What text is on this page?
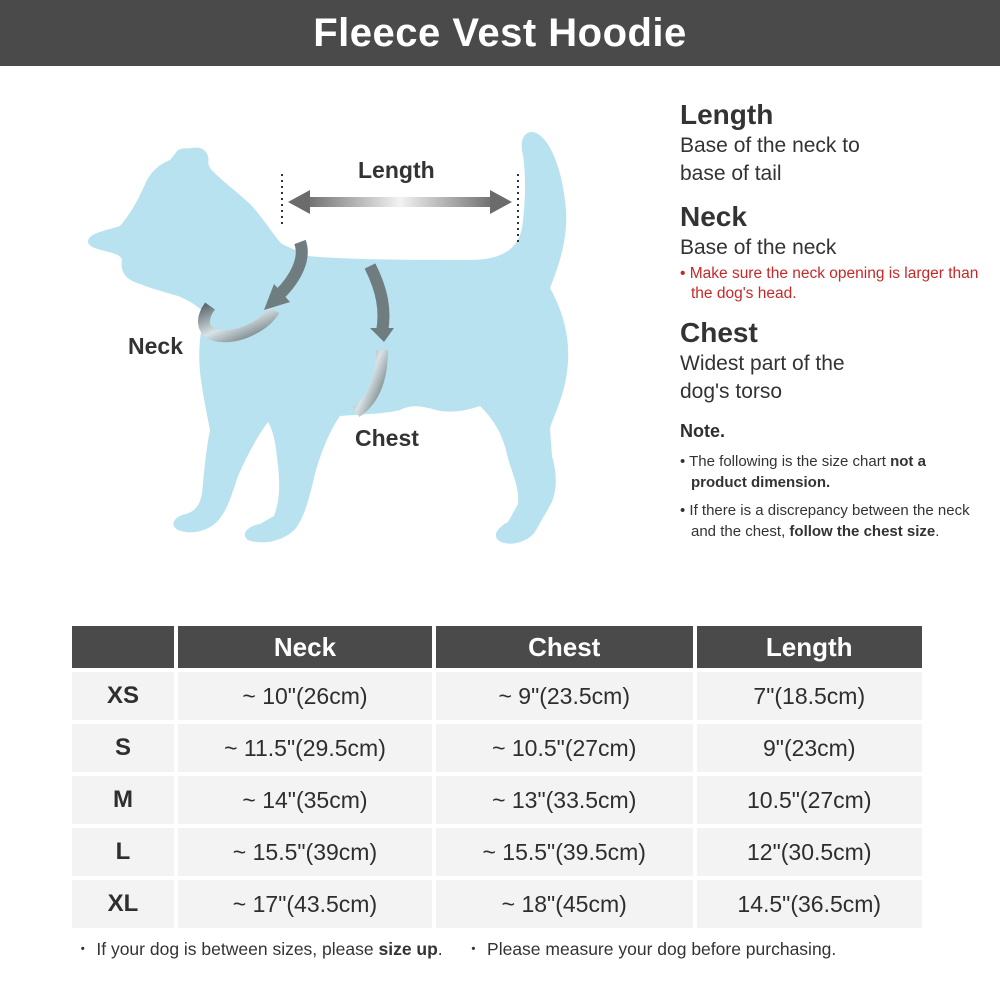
Fleece Vest Hoodie
Length
Neck
Chest
Length

Base of the neck to

base of tail

Neck

Base of the neck

• Make sure the neck opening is larger than the dog's head.

Chest

Widest part of the

dog's torso

Note.
• The following is the size chart not a product dimension.
• If there is a discrepancy between the neck and the chest, follow the chest size.
	Neck	Chest	Length
XS	~ 10"(26cm)	~ 9"(23.5cm)	7"(18.5cm)
S	~ 11.5"(29.5cm)	~ 10.5"(27cm)	9"(23cm)
M	~ 14"(35cm)	~ 13"(33.5cm)	10.5"(27cm)
L	~ 15.5"(39cm)	~ 15.5"(39.5cm)	12"(30.5cm)
XL	~ 17"(43.5cm)	~ 18"(45cm)	14.5"(36.5cm)
・ If your dog is between sizes, please size up. ・ Please measure your dog before purchasing.
